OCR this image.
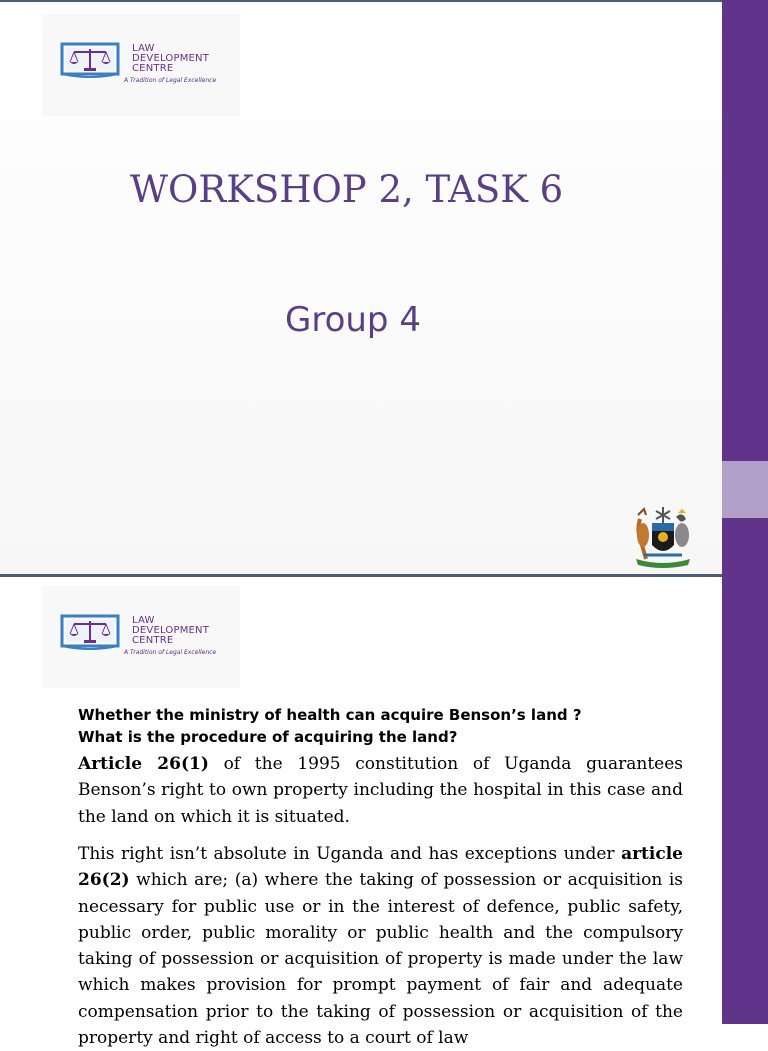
LAW
DEVELOPMENT
CENTRE
A Tradition of Legal Excellence
WORKSHOP 2, TASK 6
Group 4
LAW
DEVELOPMENT
CENTRE
A Tradition of Legal Excellence
Whether the ministry of health can acquire Benson’s land ?
What is the procedure of acquiring the land?
Article 26(1) of the 1995 constitution of Uganda guarantees Benson’s right to own property including the hospital in this case and the land on which it is situated.
This right isn’t absolute in Uganda and has exceptions under article 26(2) which are; (a) where the taking of possession or acquisition is necessary for public use or in the interest of defence, public safety, public order, public morality or public health and the compulsory taking of possession or acquisition of property is made under the law which makes provision for prompt payment of fair and adequate compensation prior to the taking of possession or acquisition of the property and right of access to a court of law
